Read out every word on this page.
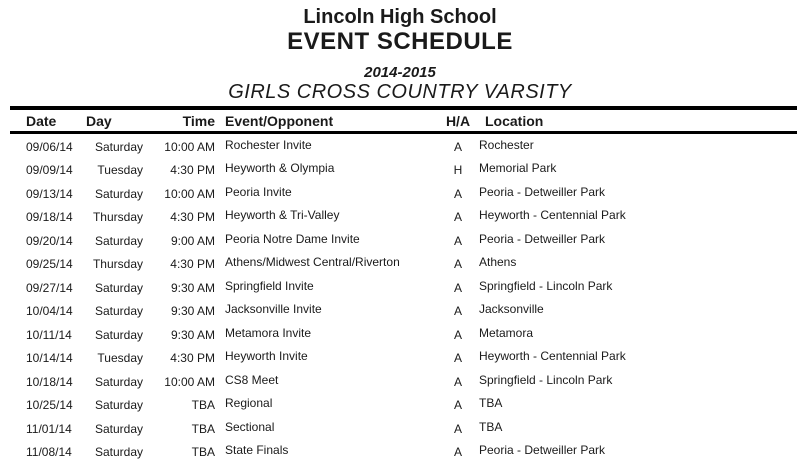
Lincoln High School
EVENT SCHEDULE
2014-2015
GIRLS CROSS COUNTRY VARSITY
Date	Day	Time Event/Opponent	H/A	Location
09/06/14	Saturday	10:00 AM Rochester Invite	A	Rochester
09/09/14	Tuesday	4:30 PM Heyworth & Olympia	H	Memorial Park
09/13/14	Saturday	10:00 AM Peoria Invite	A	Peoria - Detweiller Park
09/18/14	Thursday	4:30 PM Heyworth & Tri-Valley	A	Heyworth - Centennial Park
09/20/14	Saturday	9:00 AM Peoria Notre Dame Invite	A	Peoria - Detweiller Park
09/25/14	Thursday	4:30 PM Athens/Midwest Central/Riverton	A	Athens
09/27/14	Saturday	9:30 AM Springfield Invite	A	Springfield - Lincoln Park
10/04/14	Saturday	9:30 AM Jacksonville Invite	A	Jacksonville
10/11/14	Saturday	9:30 AM Metamora Invite	A	Metamora
10/14/14	Tuesday	4:30 PM Heyworth Invite	A	Heyworth - Centennial Park
10/18/14	Saturday	10:00 AM CS8 Meet	A	Springfield - Lincoln Park
10/25/14	Saturday	TBA Regional	A	TBA
11/01/14	Saturday	TBA Sectional	A	TBA
11/08/14	Saturday	TBA State Finals	A	Peoria - Detweiller Park
